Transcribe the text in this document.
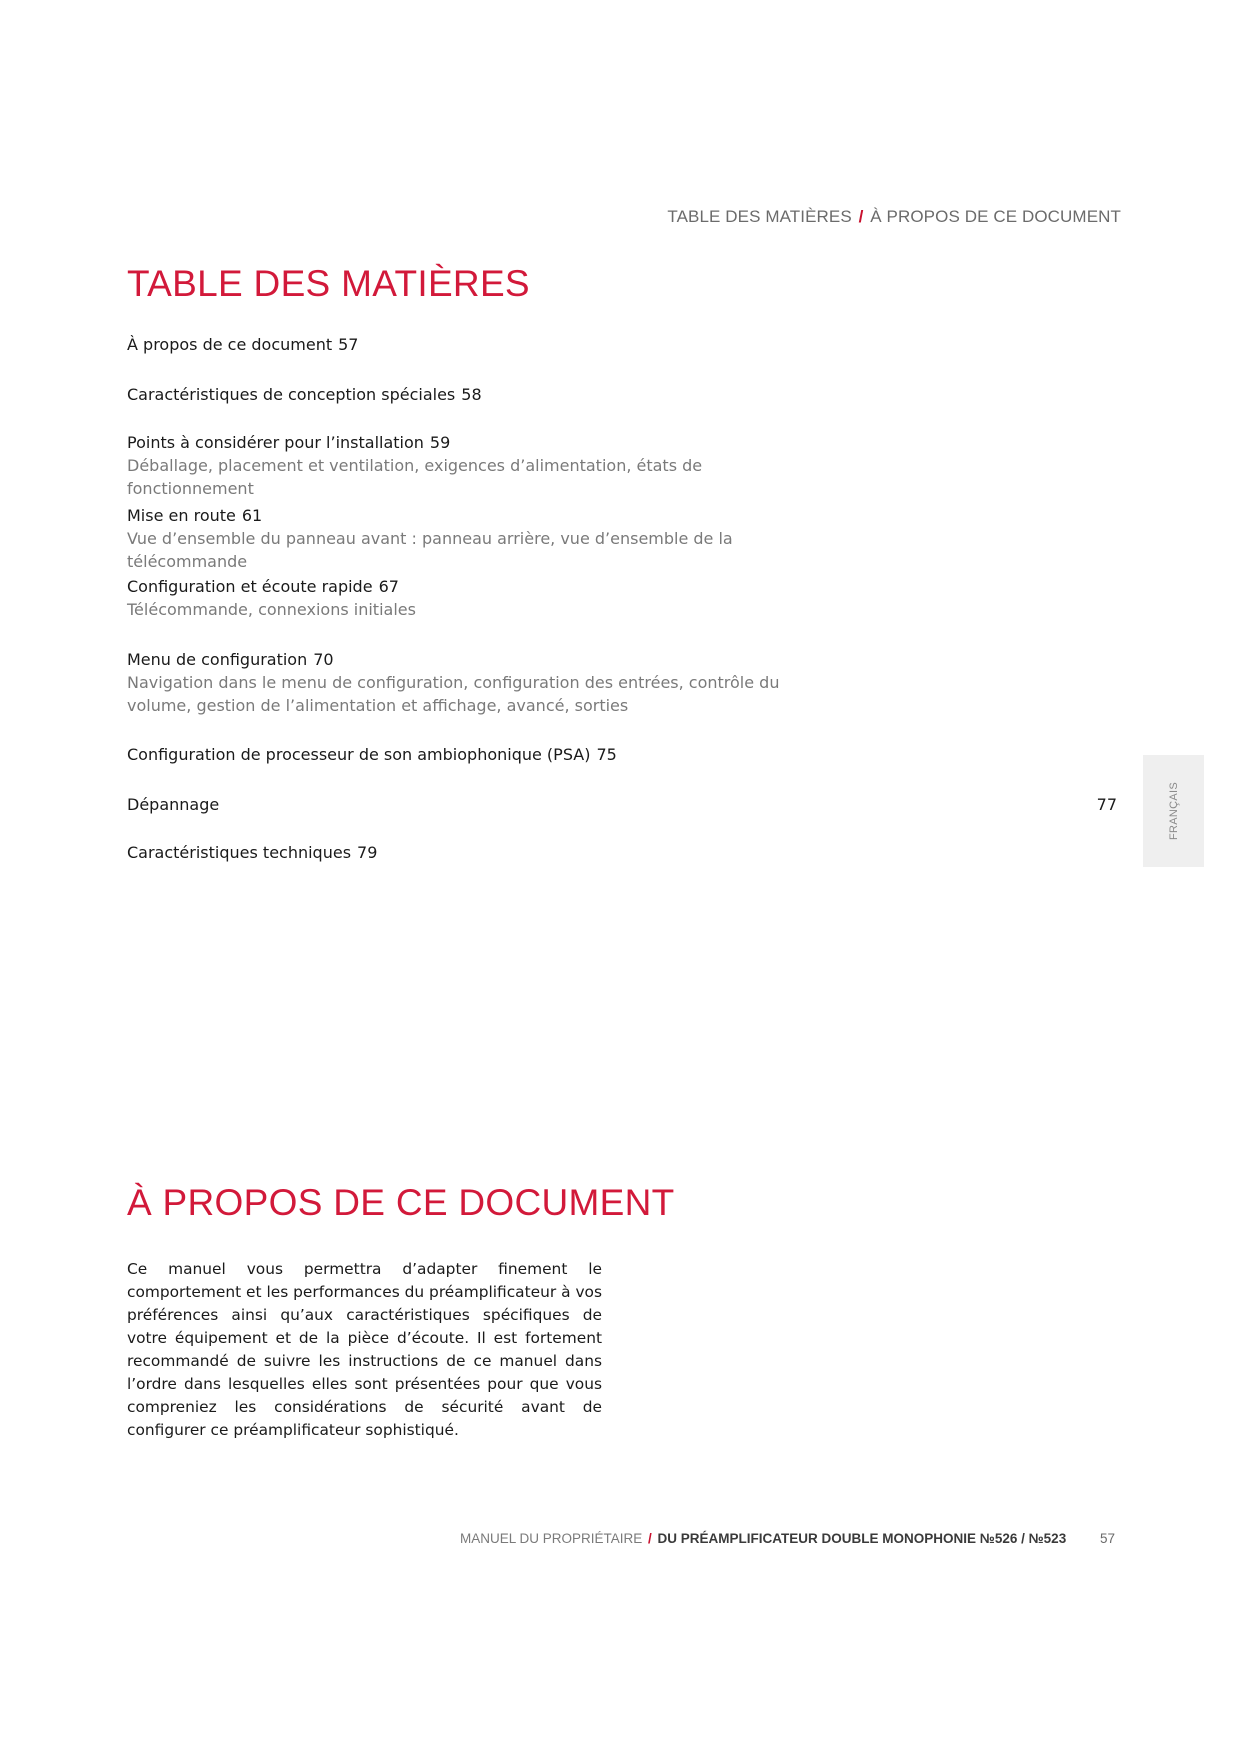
TABLE DES MATIÈRES / À PROPOS DE CE DOCUMENT
TABLE DES MATIÈRES
À propos de ce document 57
Caractéristiques de conception spéciales 58
Points à considérer pour l’installation 59
Déballage, placement et ventilation, exigences d’alimentation, états de fonctionnement
Mise en route 61
Vue d’ensemble du panneau avant : panneau arrière, vue d’ensemble de la télécommande
Configuration et écoute rapide 67
Télécommande, connexions initiales
Menu de configuration 70
Navigation dans le menu de configuration, configuration des entrées, contrôle du volume, gestion de l’alimentation et affichage, avancé, sorties
Configuration de processeur de son ambiophonique (PSA) 75
Dépannage	77
Caractéristiques techniques 79
FRANÇAIS
À PROPOS DE CE DOCUMENT

Ce manuel vous permettra d’adapter finement le comportement et les performances du préamplificateur à vos préférences ainsi qu’aux caractéristiques spécifiques de votre équipement et de la pièce d’écoute. Il est fortement recommandé de suivre les instructions de ce manuel dans l’ordre dans lesquelles elles sont présentées pour que vous compreniez les considérations de sécurité avant de configurer ce préamplificateur sophistiqué.

MANUEL DU PROPRIÉTAIRE / DU PRÉAMPLIFICATEUR DOUBLE MONOPHONIE №526 / №523	57
